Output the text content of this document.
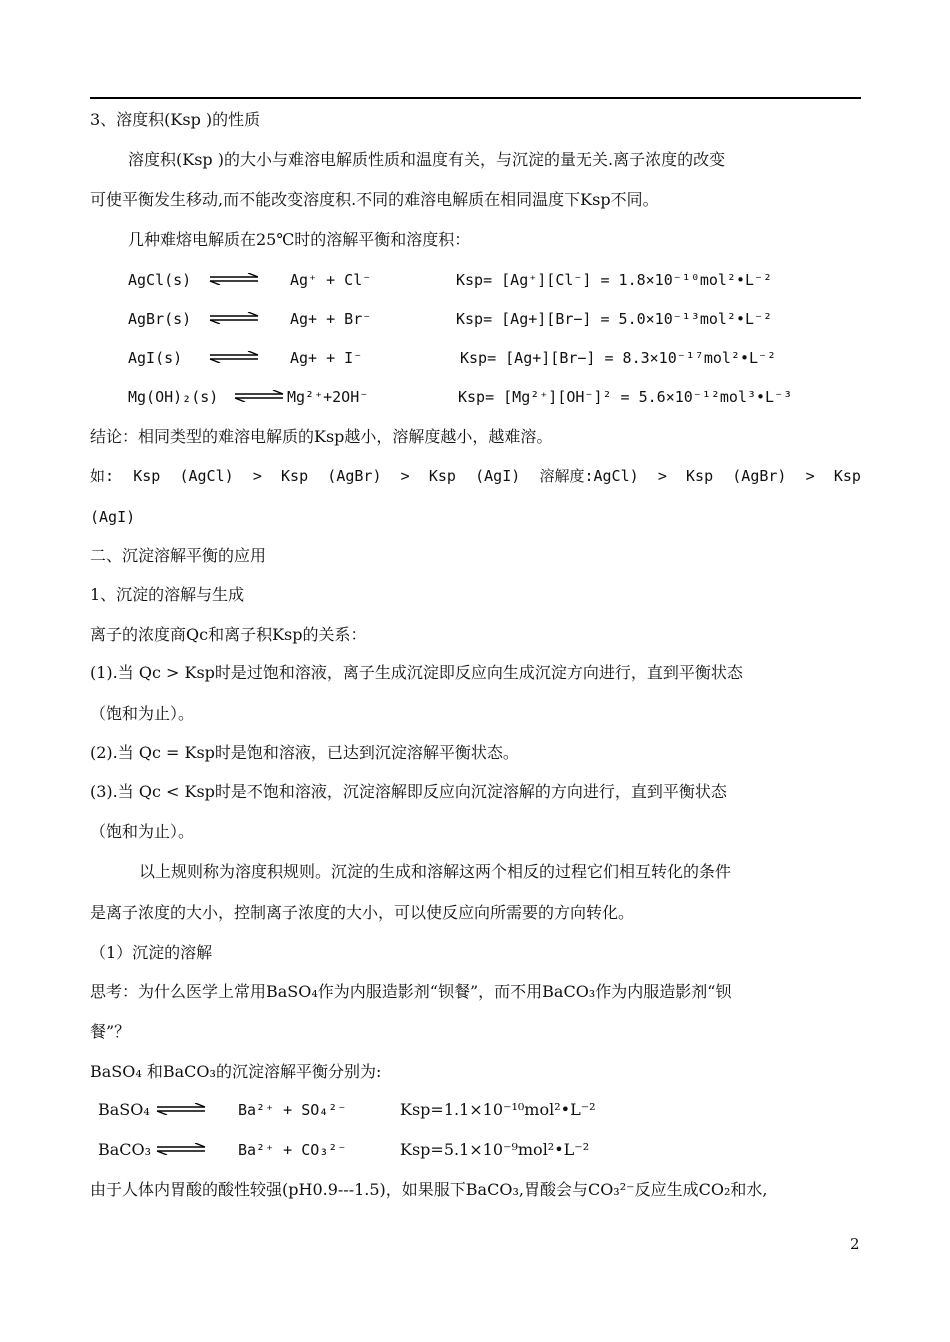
3、溶度积(Ksp )的性质
溶度积(Ksp )的大小与难溶电解质性质和温度有关，与沉淀的量无关.离子浓度的改变
可使平衡发生移动,而不能改变溶度积.不同的难溶电解质在相同温度下Ksp不同。
几种难熔电解质在25℃时的溶解平衡和溶度积：
AgCl(s) ⇌ Ag⁺ + Cl⁻	Ksp= [Ag⁺][Cl⁻] = 1.8×10⁻¹⁰mol²•L⁻²
AgBr(s) ⇌ Ag+ + Br⁻	Ksp= [Ag+][Br−] = 5.0×10⁻¹³mol²•L⁻²
AgI(s)	Ag+ + I⁻	Ksp= [Ag+][Br−] = 8.3×10⁻¹⁷mol²•L⁻²
Mg(OH)₂(s) ⇌ Mg²⁺+2OH⁻	Ksp= [Mg²⁺][OH⁻]² = 5.6×10⁻¹²mol³•L⁻³
结论：相同类型的难溶电解质的Ksp越小，溶解度越小，越难溶。
如: Ksp (AgCl) > Ksp (AgBr) > Ksp (AgI) 溶解度:AgCl) > Ksp (AgBr) > Ksp
(AgI)
二、沉淀溶解平衡的应用
1、沉淀的溶解与生成
离子的浓度商Qc和离子积Ksp的关系：
(1).当 Qc > Ksp时是过饱和溶液，离子生成沉淀即反应向生成沉淀方向进行，直到平衡状态
（饱和为止）。
(2).当 Qc = Ksp时是饱和溶液，已达到沉淀溶解平衡状态。
(3).当 Qc < Ksp时是不饱和溶液，沉淀溶解即反应向沉淀溶解的方向进行，直到平衡状态
（饱和为止）。
以上规则称为溶度积规则。沉淀的生成和溶解这两个相反的过程它们相互转化的条件
是离子浓度的大小，控制离子浓度的大小，可以使反应向所需要的方向转化。
（1）沉淀的溶解
思考：为什么医学上常用BaSO₄作为内服造影剂“钡餐”，而不用BaCO₃作为内服造影剂“钡
餐”？
BaSO₄ 和BaCO₃的沉淀溶解平衡分别为:
BaSO₄ ⇌ Ba²⁺ + SO₄²⁻	Ksp=1.1×10⁻¹⁰mol²•L⁻²
BaCO₃ ⇌ Ba²⁺ + CO₃²⁻	Ksp=5.1×10⁻⁹mol²•L⁻²
由于人体内胃酸的酸性较强(pH0.9---1.5)，如果服下BaCO₃,胃酸会与CO₃²⁻反应生成CO₂和水,
2
